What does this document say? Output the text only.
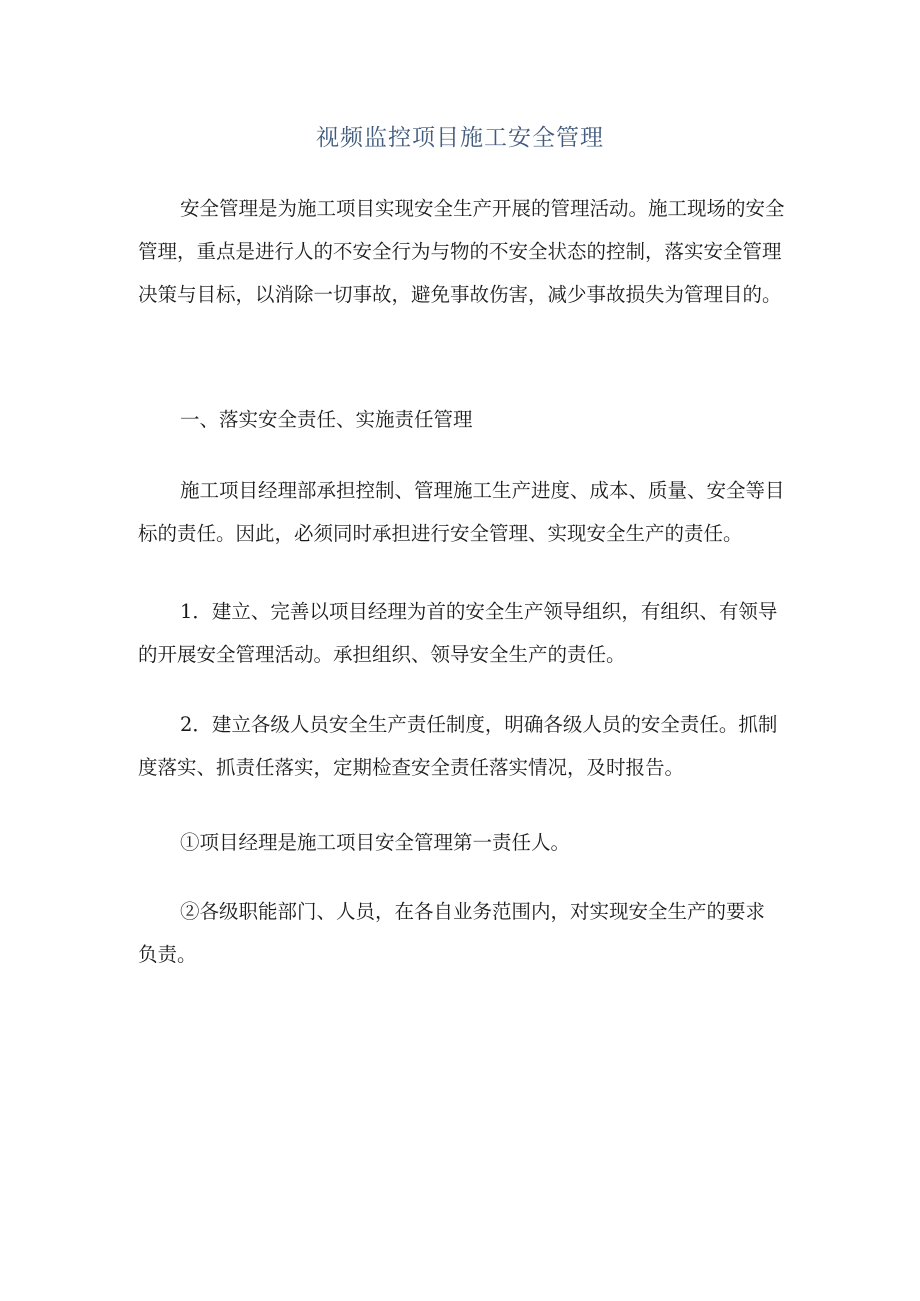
视频监控项目施工安全管理

安全管理是为施工项目实现安全生产开展的管理活动。施工现场的安全管理，重点是进行人的不安全行为与物的不安全状态的控制，落实安全管理决策与目标，以消除一切事故，避免事故伤害，减少事故损失为管理目的。

一、落实安全责任、实施责任管理

施工项目经理部承担控制、管理施工生产进度、成本、质量、安全等目标的责任。因此，必须同时承担进行安全管理、实现安全生产的责任。

1．建立、完善以项目经理为首的安全生产领导组织，有组织、有领导的开展安全管理活动。承担组织、领导安全生产的责任。

2．建立各级人员安全生产责任制度，明确各级人员的安全责任。抓制度落实、抓责任落实，定期检查安全责任落实情况，及时报告。

①项目经理是施工项目安全管理第一责任人。

②各级职能部门、人员，在各自业务范围内，对实现安全生产的要求负责。
